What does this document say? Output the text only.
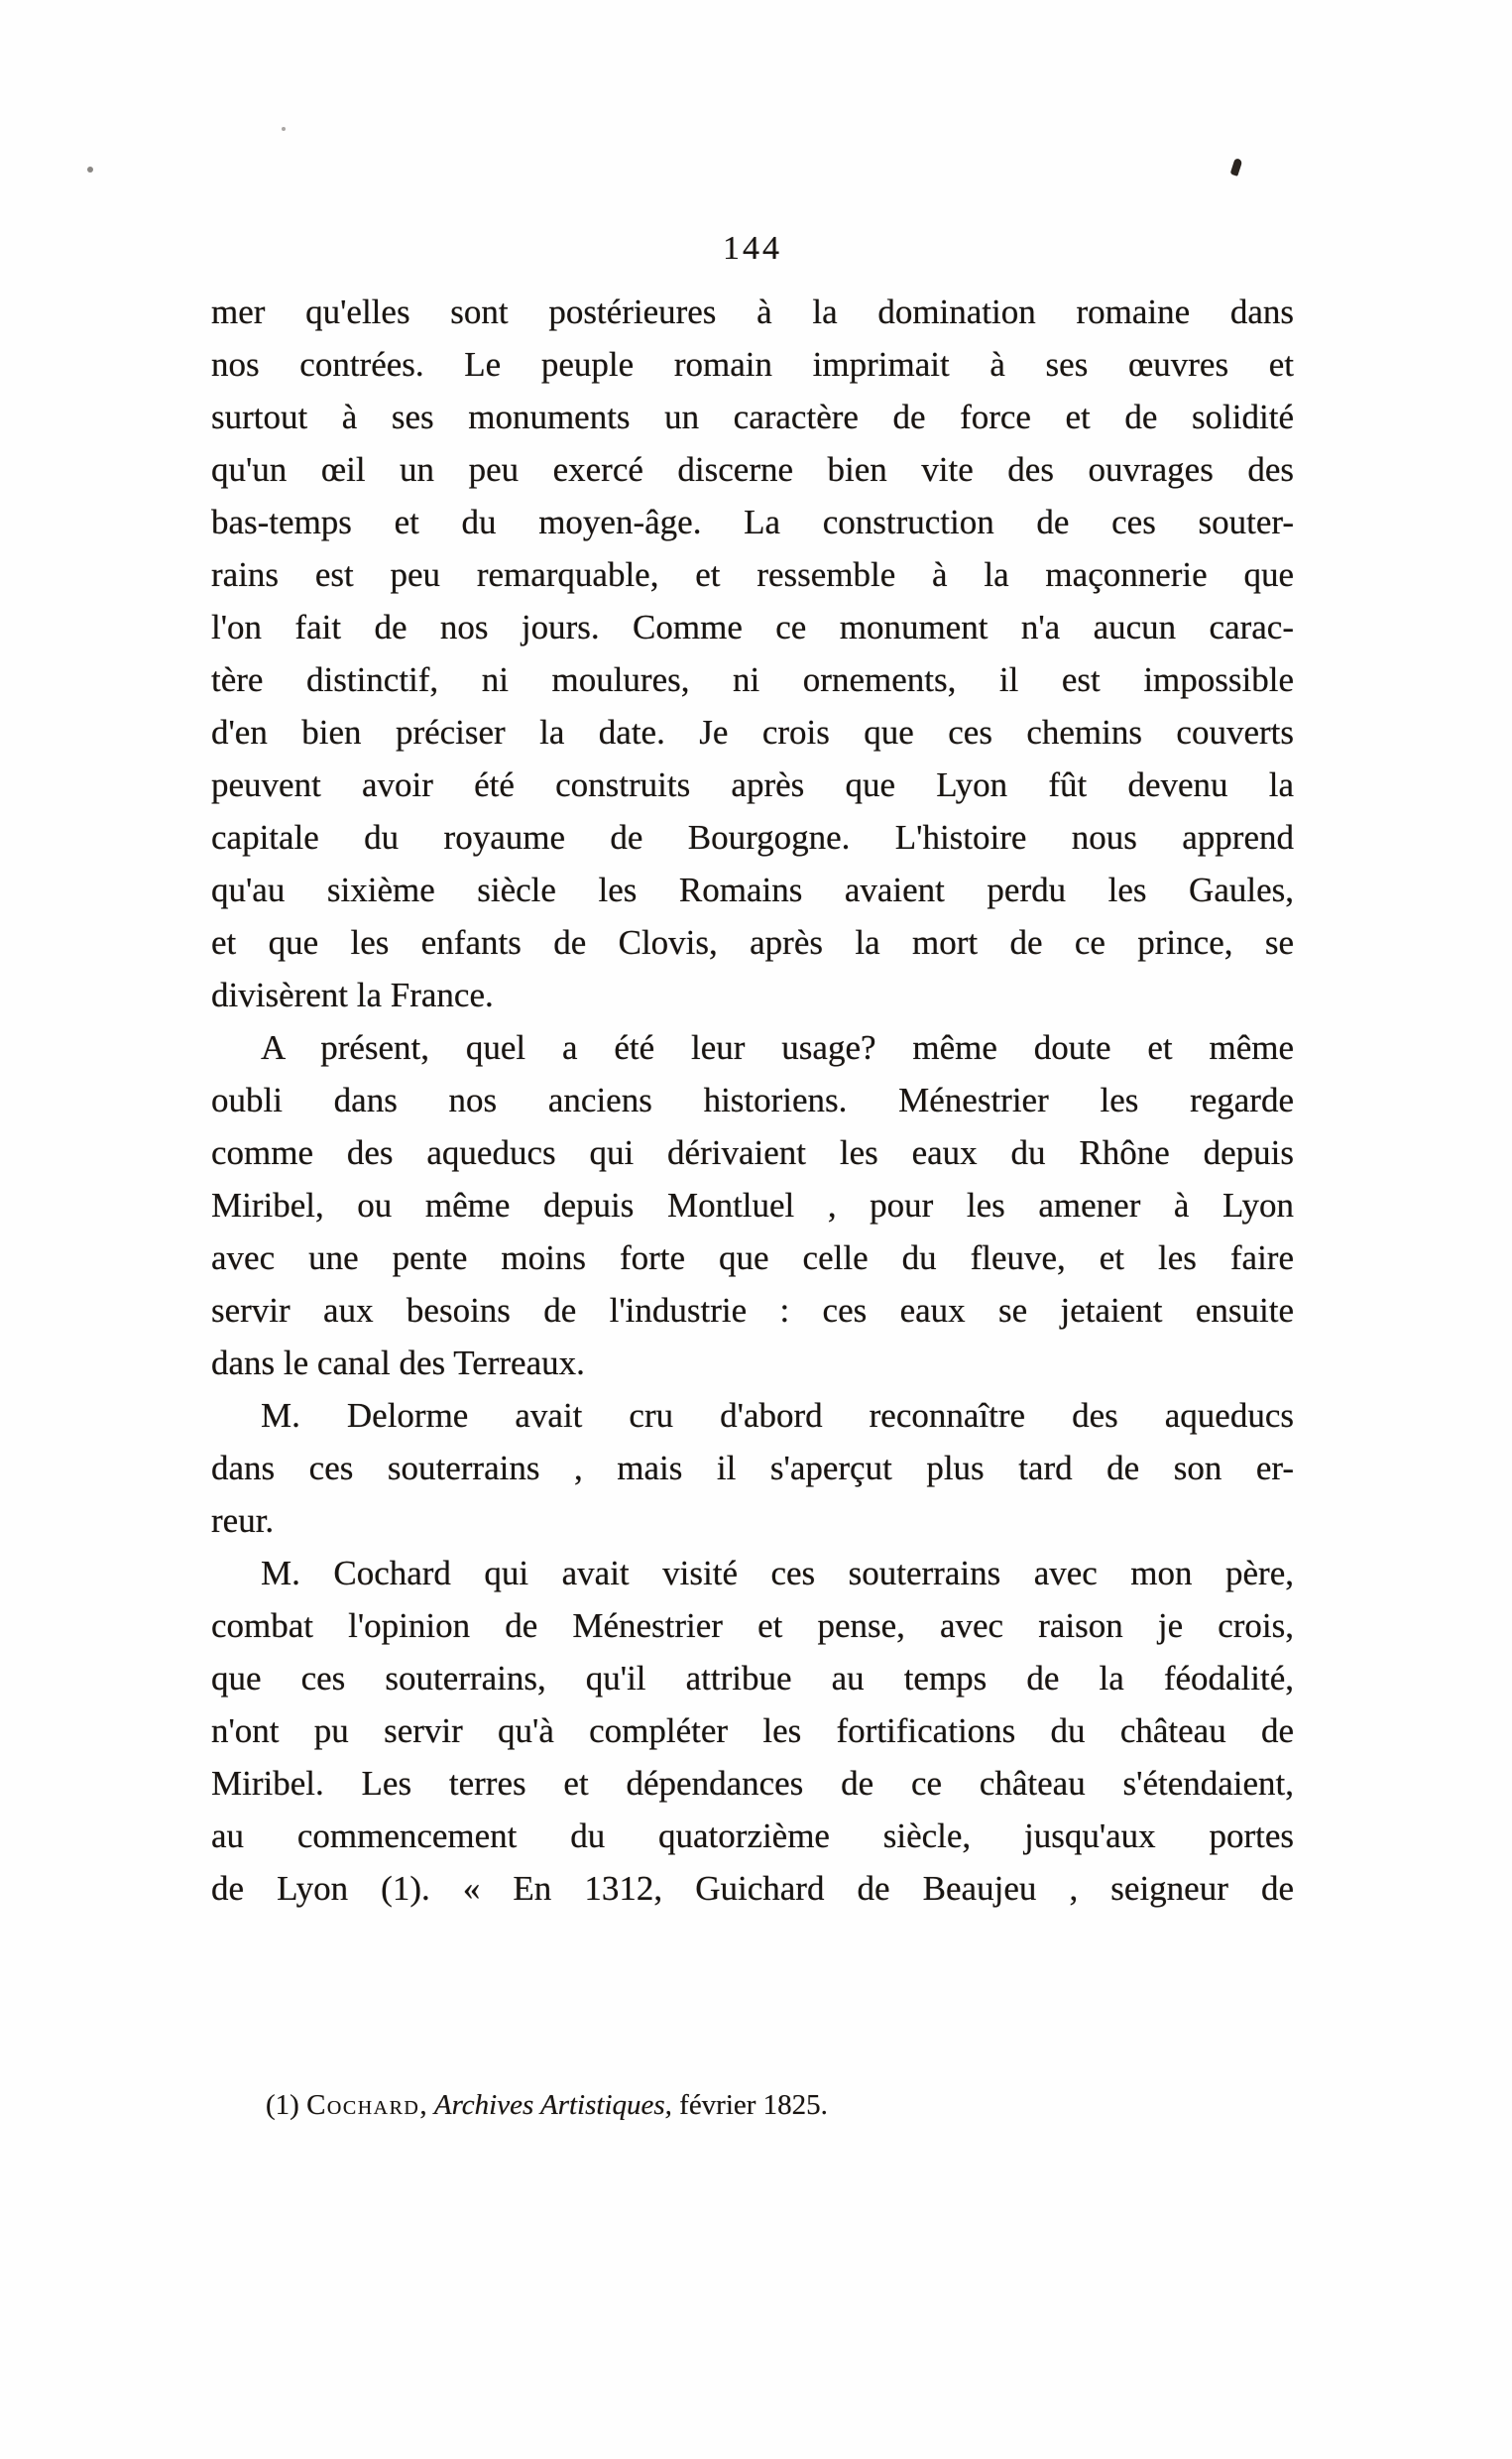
144
mer qu'elles sont postérieures à la domination romaine dans
nos contrées. Le peuple romain imprimait à ses œuvres et
surtout à ses monuments un caractère de force et de solidité
qu'un œil un peu exercé discerne bien vite des ouvrages des
bas-temps et du moyen-âge. La construction de ces souter-
rains est peu remarquable, et ressemble à la maçonnerie que
l'on fait de nos jours. Comme ce monument n'a aucun carac-
tère distinctif, ni moulures, ni ornements, il est impossible
d'en bien préciser la date. Je crois que ces chemins couverts
peuvent avoir été construits après que Lyon fût devenu la
capitale du royaume de Bourgogne. L'histoire nous apprend
qu'au sixième siècle les Romains avaient perdu les Gaules,
et que les enfants de Clovis, après la mort de ce prince, se
divisèrent la France.
A présent, quel a été leur usage? même doute et même
oubli dans nos anciens historiens. Ménestrier les regarde
comme des aqueducs qui dérivaient les eaux du Rhône depuis
Miribel, ou même depuis Montluel , pour les amener à Lyon
avec une pente moins forte que celle du fleuve, et les faire
servir aux besoins de l'industrie : ces eaux se jetaient ensuite
dans le canal des Terreaux.
M. Delorme avait cru d'abord reconnaître des aqueducs
dans ces souterrains , mais il s'aperçut plus tard de son er-
reur.
M. Cochard qui avait visité ces souterrains avec mon père,
combat l'opinion de Ménestrier et pense, avec raison je crois,
que ces souterrains, qu'il attribue au temps de la féodalité,
n'ont pu servir qu'à compléter les fortifications du château de
Miribel. Les terres et dépendances de ce château s'étendaient,
au commencement du quatorzième siècle, jusqu'aux portes
de Lyon (1). « En 1312, Guichard de Beaujeu , seigneur de
(1) Cochard, Archives Artistiques, février 1825.
